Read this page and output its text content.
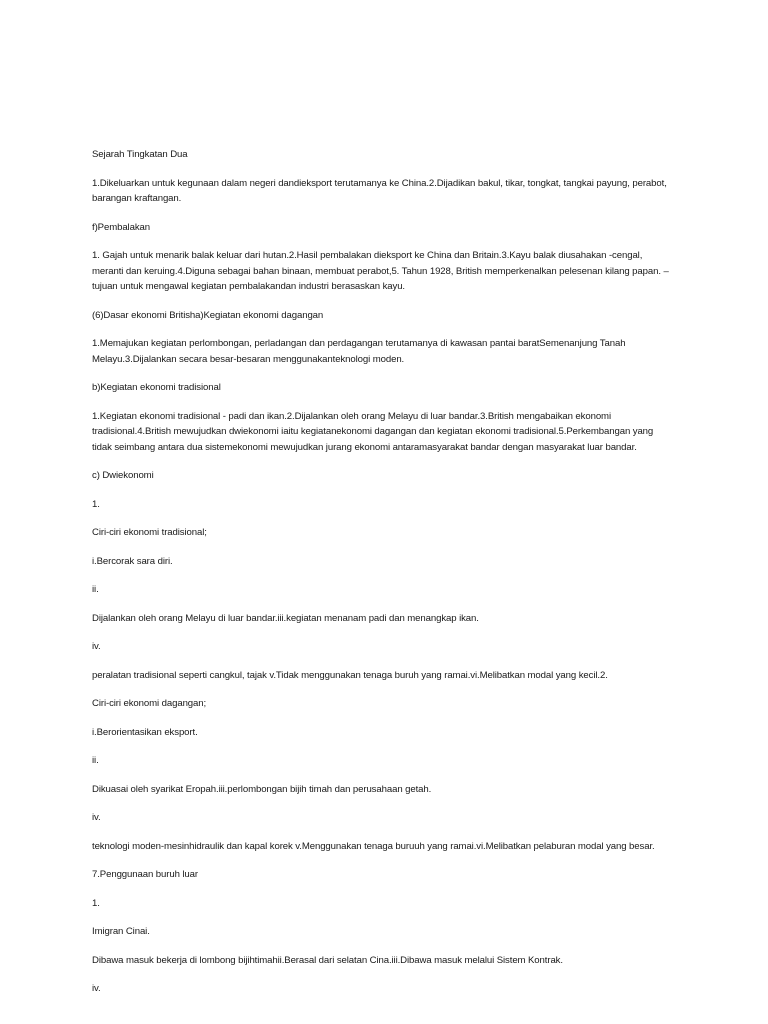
Sejarah Tingkatan Dua

1.Dikeluarkan untuk kegunaan dalam negeri dandieksport terutamanya ke China.2.Dijadikan bakul, tikar, tongkat, tangkai payung, perabot, barangan kraftangan.

f)Pembalakan

1. Gajah untuk menarik balak keluar dari hutan.2.Hasil pembalakan dieksport ke China dan Britain.3.Kayu balak diusahakan -cengal, meranti dan keruing.4.Diguna sebagai bahan binaan, membuat perabot,5. Tahun 1928, British memperkenalkan pelesenan kilang papan. – tujuan untuk mengawal kegiatan pembalakandan industri berasaskan kayu.

(6)Dasar ekonomi Britisha)Kegiatan ekonomi dagangan

1.Memajukan kegiatan perlombongan, perladangan dan perdagangan terutamanya di kawasan pantai baratSemenanjung Tanah Melayu.3.Dijalankan secara besar-besaran menggunakanteknologi moden.

b)Kegiatan ekonomi tradisional

1.Kegiatan ekonomi tradisional - padi dan ikan.2.Dijalankan oleh orang Melayu di luar bandar.3.British mengabaikan ekonomi tradisional.4.British mewujudkan dwiekonomi iaitu kegiatanekonomi dagangan dan kegiatan ekonomi tradisional.5.Perkembangan yang tidak seimbang antara dua sistemekonomi mewujudkan jurang ekonomi antaramasyarakat bandar dengan masyarakat luar bandar.

c) Dwiekonomi

1.

Ciri-ciri ekonomi tradisional;

i.Bercorak sara diri.

ii.

Dijalankan oleh orang Melayu di luar bandar.iii.kegiatan menanam padi dan menangkap ikan.

iv.

peralatan tradisional seperti cangkul, tajak v.Tidak menggunakan tenaga buruh yang ramai.vi.Melibatkan modal yang kecil.2.

Ciri-ciri ekonomi dagangan;

i.Berorientasikan eksport.

ii.

Dikuasai oleh syarikat Eropah.iii.perlombongan bijih timah dan perusahaan getah.

iv.

teknologi moden-mesinhidraulik dan kapal korek v.Menggunakan tenaga buruuh yang ramai.vi.Melibatkan pelaburan modal yang besar.

7.Penggunaan buruh luar

1.

Imigran Cinai.

Dibawa masuk bekerja di lombong bijihtimahii.Berasal dari selatan Cina.iii.Dibawa masuk melalui Sistem Kontrak.

iv.
